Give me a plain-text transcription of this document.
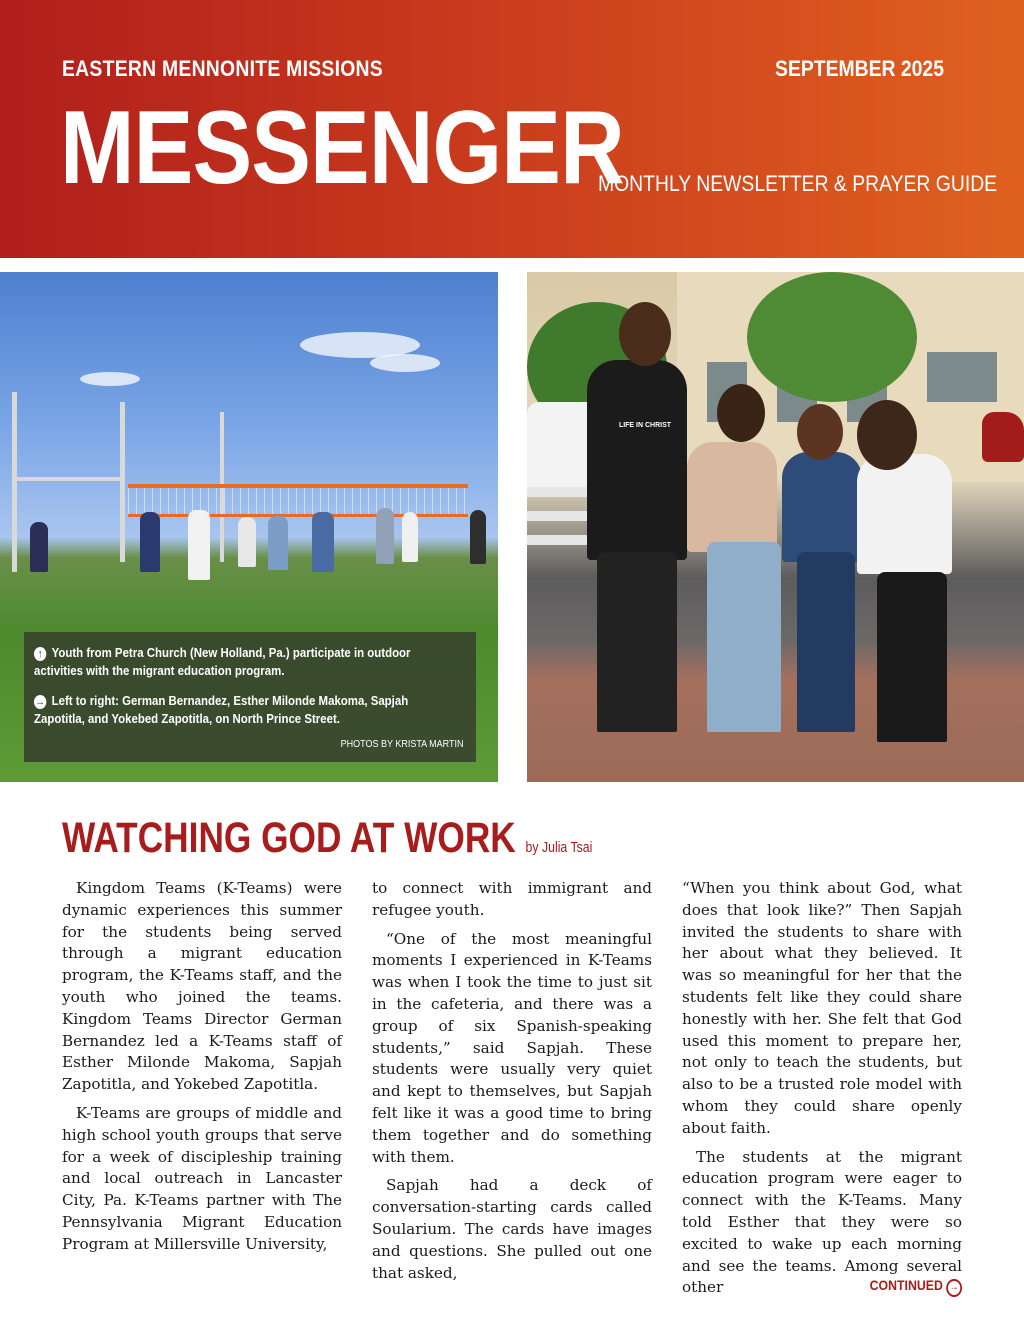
EASTERN MENNONITE MISSIONS	SEPTEMBER 2025
MESSENGER
MONTHLY NEWSLETTER & PRAYER GUIDE
LIFE IN CHRIST
↑ Youth from Petra Church (New Holland, Pa.) participate in outdoor activities with the migrant education program.
→ Left to right: German Bernandez, Esther Milonde Makoma, Sapjah Zapotitla, and Yokebed Zapotitla, on North Prince Street.
PHOTOS BY KRISTA MARTIN
WATCHING GOD AT WORK by Julia Tsai

Kingdom Teams (K-Teams) were dynamic experiences this summer for the students being served through a migrant education program, the K-Teams staff, and the youth who joined the teams. Kingdom Teams Director German Bernandez led a K-Teams staff of Esther Milonde Makoma, Sapjah Zapotitla, and Yokebed Zapotitla.

K-Teams are groups of middle and high school youth groups that serve for a week of discipleship training and local outreach in Lancaster City, Pa. K-Teams partner with The Pennsylvania Migrant Education Program at Millersville University,

to connect with immigrant and refugee youth.

“One of the most meaningful moments I experienced in K-Teams was when I took the time to just sit in the cafeteria, and there was a group of six Spanish-speaking students,” said Sapjah. These students were usually very quiet and kept to themselves, but Sapjah felt like it was a good time to bring them together and do something with them.

Sapjah had a deck of conversation-starting cards called Soularium. The cards have images and questions. She pulled out one that asked,

“When you think about God, what does that look like?” Then Sapjah invited the students to share with her about what they believed. It was so meaningful for her that the students felt like they could share honestly with her. She felt that God used this moment to prepare her, not only to teach the students, but also to be a trusted role model with whom they could share openly about faith.

The students at the migrant education program were eager to connect with the K-Teams. Many told Esther that they were so excited to wake up each morning and see the teams. Among several other	CONTINUED →
